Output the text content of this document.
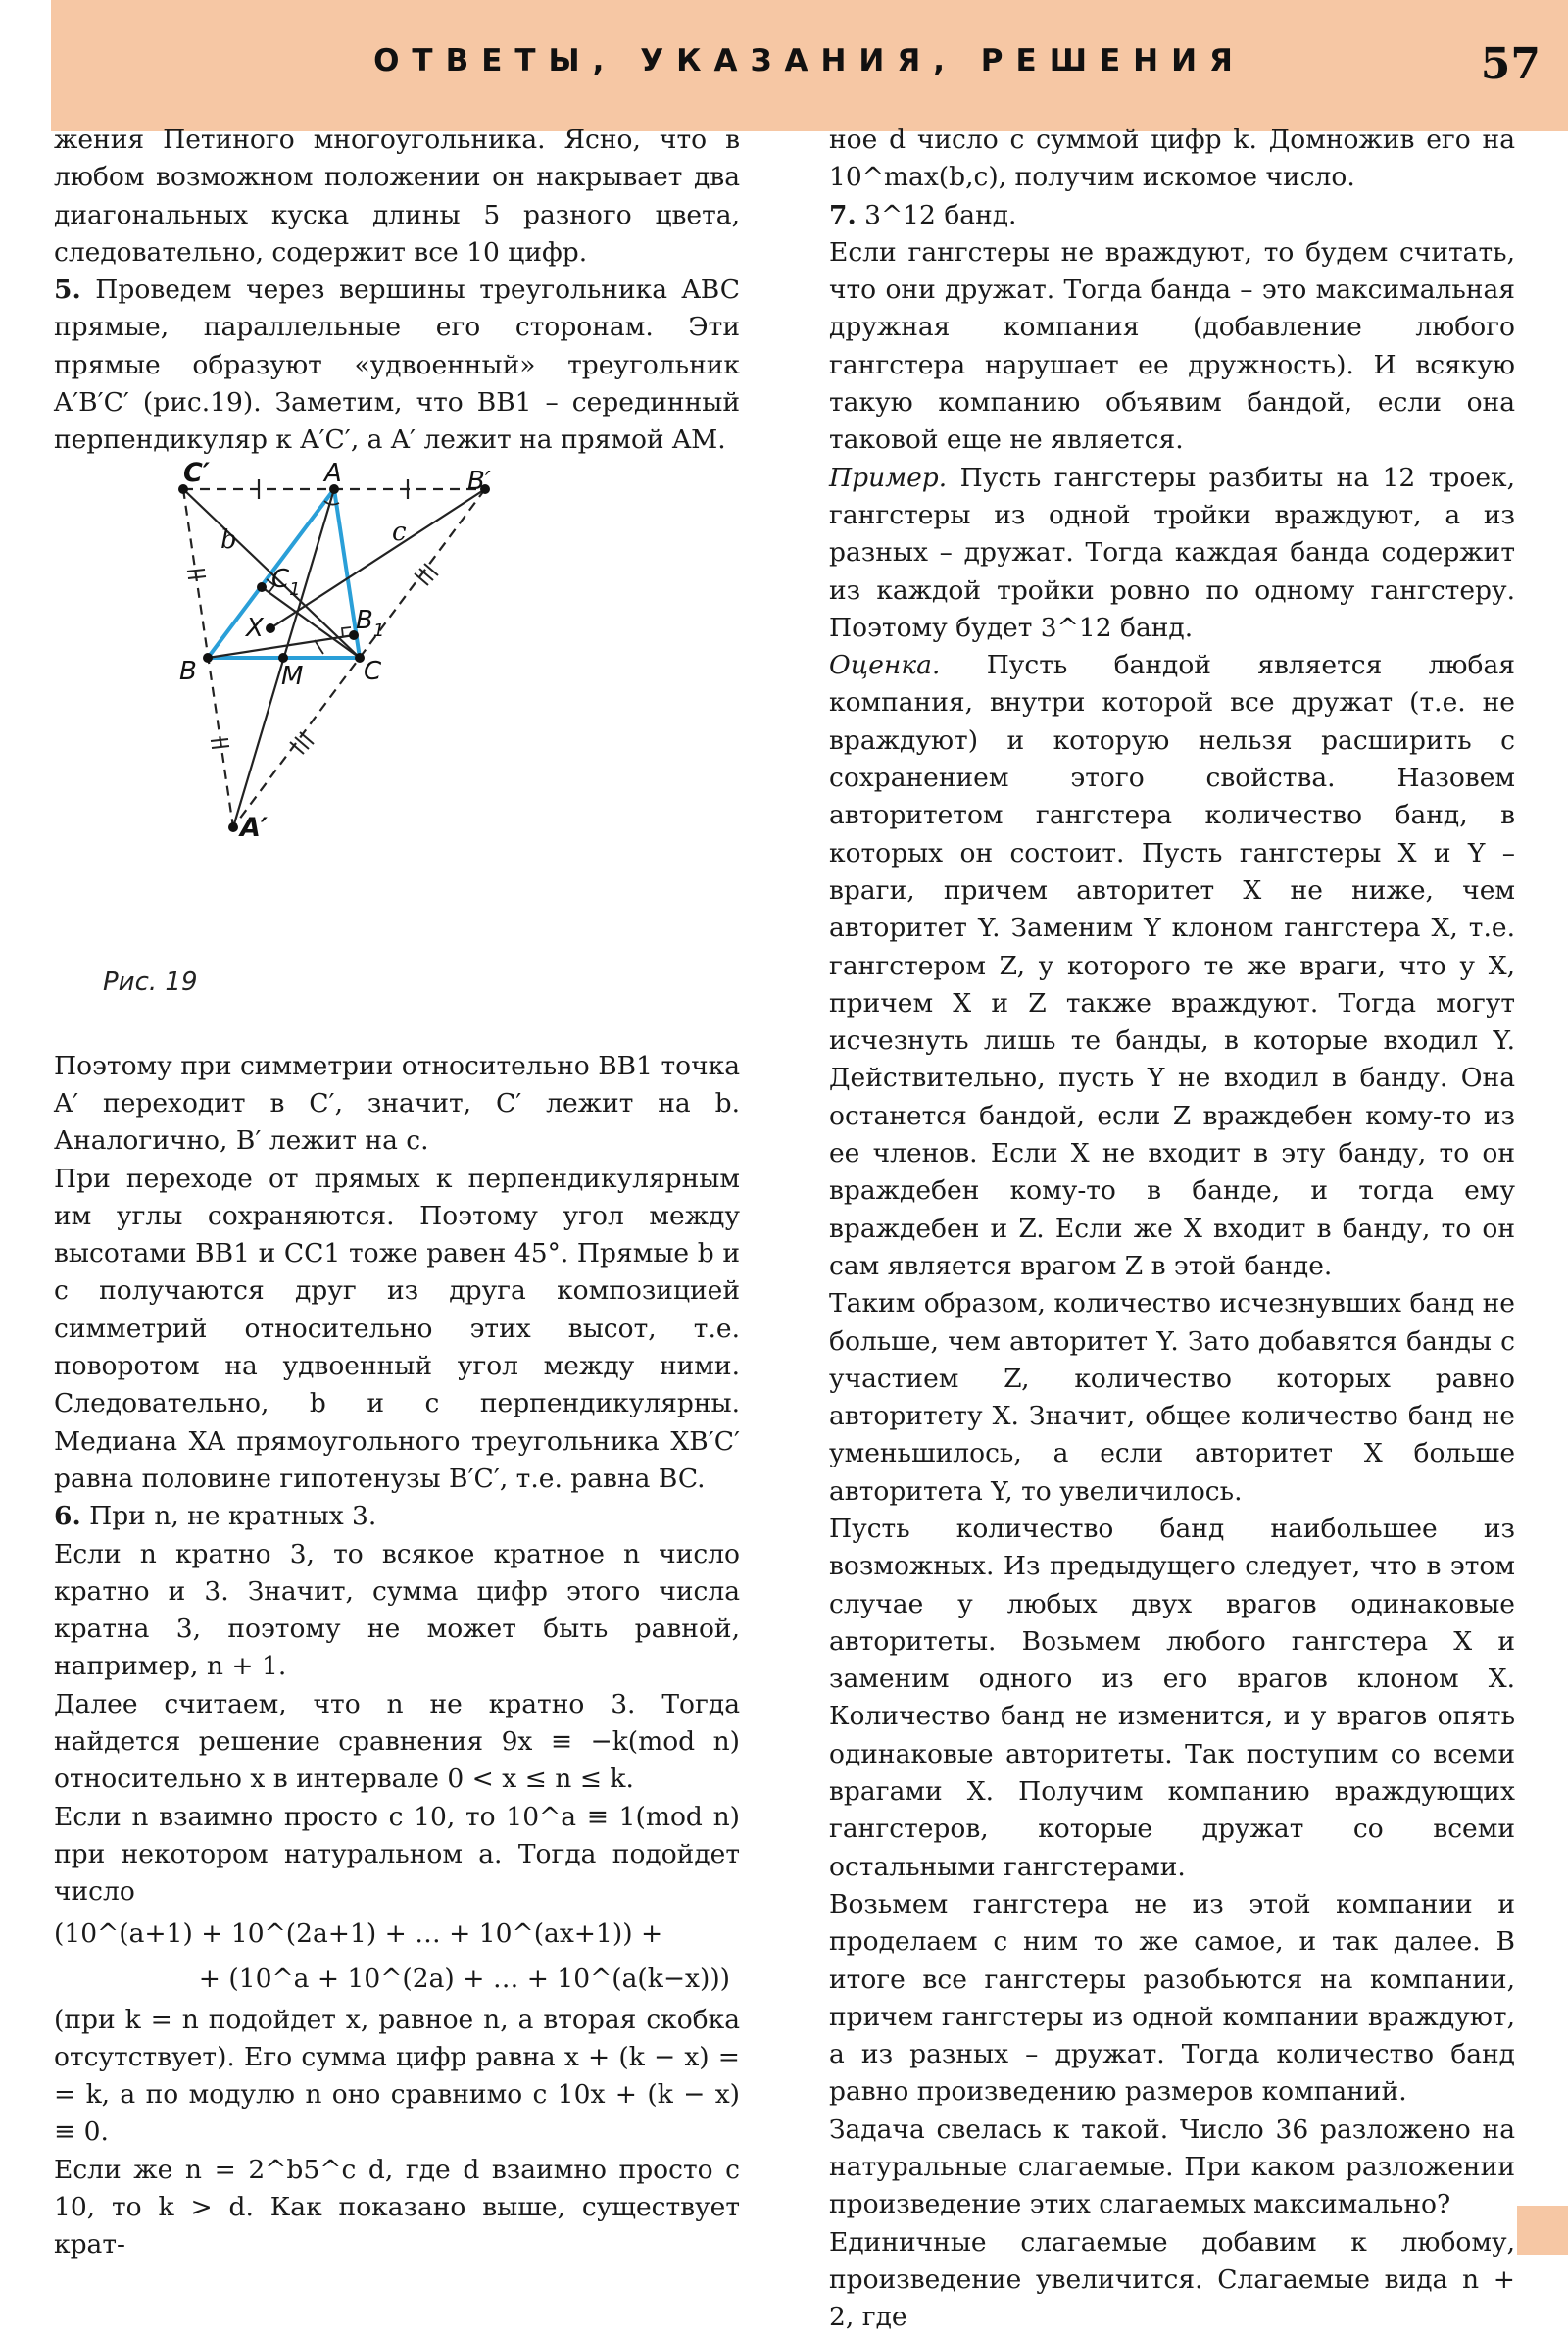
ОТВЕТЫ, УКАЗАНИЯ, РЕШЕНИЯ	57

жения Петиного многоугольника. Ясно, что в любом возможном положении он накрывает два диагональных куска длины 5 разного цвета, следовательно, содержит все 10 цифр.

5. Проведем через вершины треугольника ABC прямые, параллельные его сторонам. Эти прямые образуют «удвоенный» треугольник A′B′C′ (рис.19). Заметим, что BB1 – серединный перпендикуляр к A′C′, а A′ лежит на прямой AM.

C′	A	B′
b	c
$C_1$
$B_1$
X
B	M C
A′
Рис. 19

Поэтому при симметрии относительно BB1 точка A′ переходит в C′, значит, C′ лежит на b. Аналогично, B′ лежит на c.

При переходе от прямых к перпендикулярным им углы сохраняются. Поэтому угол между высотами BB1 и CC1 тоже равен 45°. Прямые b и c получаются друг из друга композицией симметрий относительно этих высот, т.е. поворотом на удвоенный угол между ними. Следовательно, b и c перпендикулярны. Медиана XA прямоугольного треугольника XB′C′ равна половине гипотенузы B′C′, т.е. равна BC.

6. При n, не кратных 3.

Если n кратно 3, то всякое кратное n число кратно и 3. Значит, сумма цифр этого числа кратна 3, поэтому не может быть равной, например, n + 1.

Далее считаем, что n не кратно 3. Тогда найдется решение сравнения 9x ≡ −k(mod n) относительно x в интервале 0 < x ≤ n ≤ k.

Если n взаимно просто с 10, то 10^a ≡ 1(mod n) при некотором натуральном a. Тогда подойдет число

(10^(a+1) + 10^(2a+1) + … + 10^(ax+1)) +
+ (10^a + 10^(2a) + … + 10^(a(k−x)))

(при k = n подойдет x, равное n, а вторая скобка отсутствует). Его сумма цифр равна x + (k − x) = = k, а по модулю n оно сравнимо с 10x + (k − x) ≡ 0.

Если же n = 2^b5^c d, где d взаимно просто с 10, то k > d. Как показано выше, существует крат-

ное d число с суммой цифр k. Домножив его на 10^max(b,c), получим искомое число.

7. 3^12 банд.

Если гангстеры не враждуют, то будем считать, что они дружат. Тогда банда – это максимальная дружная компания (добавление любого гангстера нарушает ее дружность). И всякую такую компанию объявим бандой, если она таковой еще не является.

Пример. Пусть гангстеры разбиты на 12 троек, гангстеры из одной тройки враждуют, а из разных – дружат. Тогда каждая банда содержит из каждой тройки ровно по одному гангстеру. Поэтому будет 3^12 банд.

Оценка. Пусть бандой является любая компания, внутри которой все дружат (т.е. не враждуют) и которую нельзя расширить с сохранением этого свойства. Назовем авторитетом гангстера количество банд, в которых он состоит. Пусть гангстеры X и Y – враги, причем авторитет X не ниже, чем авторитет Y. Заменим Y клоном гангстера X, т.е. гангстером Z, у которого те же враги, что у X, причем X и Z также враждуют. Тогда могут исчезнуть лишь те банды, в которые входил Y. Действительно, пусть Y не входил в банду. Она останется бандой, если Z враждебен кому-то из ее членов. Если X не входит в эту банду, то он враждебен кому-то в банде, и тогда ему враждебен и Z. Если же X входит в банду, то он сам является врагом Z в этой банде.

Таким образом, количество исчезнувших банд не больше, чем авторитет Y. Зато добавятся банды с участием Z, количество которых равно авторитету X. Значит, общее количество банд не уменьшилось, а если авторитет X больше авторитета Y, то увеличилось.

Пусть количество банд наибольшее из возможных. Из предыдущего следует, что в этом случае у любых двух врагов одинаковые авторитеты. Возьмем любого гангстера X и заменим одного из его врагов клоном X. Количество банд не изменится, и у врагов опять одинаковые авторитеты. Так поступим со всеми врагами X. Получим компанию враждующих гангстеров, которые дружат со всеми остальными гангстерами.

Возьмем гангстера не из этой компании и проделаем с ним то же самое, и так далее. В итоге все гангстеры разобьются на компании, причем гангстеры из одной компании враждуют, а из разных – дружат. Тогда количество банд равно произведению размеров компаний.

Задача свелась к такой. Число 36 разложено на натуральные слагаемые. При каком разложении произведение этих слагаемых максимально?

Единичные слагаемые добавим к любому, произведение увеличится. Слагаемые вида n + 2, где
